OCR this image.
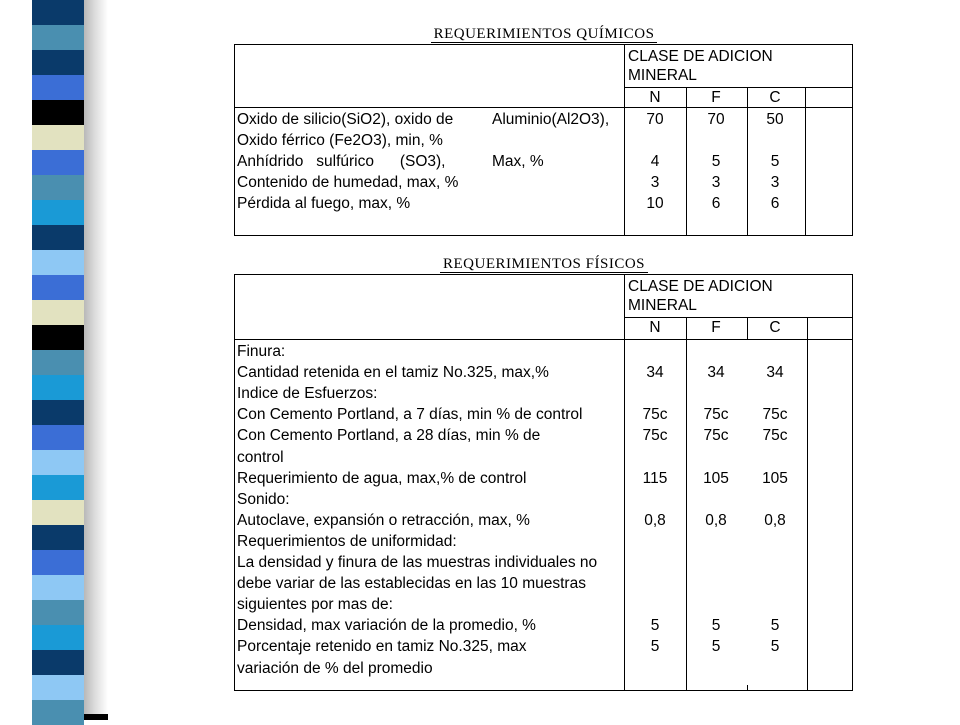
REQUERIMIENTOS QUÍMICOS
CLASE DE ADICION
MINERAL
N	F	C
Oxido de silicio(SiO2), oxido de	Aluminio(Al2O3),	70	70	50
Oxido férrico (Fe2O3), min, %
Anhídrido   sulfúrico      (SO3),	Max, %	4	5	5
Contenido de humedad, max, %	3	3	3
Pérdida al fuego, max, %	10	6	6
REQUERIMIENTOS FÍSICOS
CLASE DE ADICION
MINERAL
N	F	C
Finura:
Cantidad retenida en el tamiz No.325, max,%	34	34	34
Indice de Esfuerzos:
Con Cemento Portland, a 7 días, min % de control	75c	75c	75c
Con Cemento Portland, a 28 días, min % de	75c	75c	75c
control
Requerimiento de agua, max,% de control	115	105	105
Sonido:
Autoclave, expansión o retracción, max, %	0,8	0,8	0,8
Requerimientos de uniformidad:
La densidad y finura de las muestras individuales no
debe variar de las establecidas en las 10 muestras
siguientes por mas de:
Densidad, max variación de la promedio, %	5	5	5
Porcentaje retenido en tamiz No.325, max	5	5	5
variación de % del promedio
